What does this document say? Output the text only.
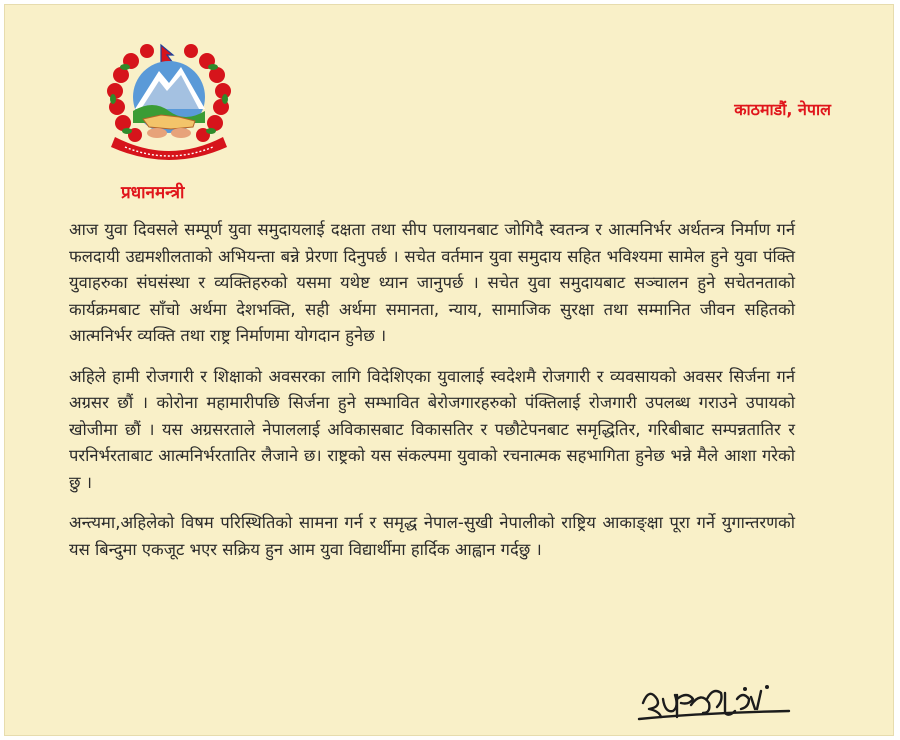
प्रधानमन्त्री
काठमाडौं, नेपाल

आज युवा दिवसले सम्पूर्ण युवा समुदायलाई दक्षता तथा सीप पलायनबाट जोगिदै स्वतन्त्र र आत्मनिर्भर अर्थतन्त्र निर्माण गर्न फलदायी उद्यमशीलताको अभियन्ता बन्ने प्रेरणा दिनुपर्छ । सचेत वर्तमान युवा समुदाय सहित भविश्यमा सामेल हुने युवा पंक्ति युवाहरुका संघसंस्था र व्यक्तिहरुको यसमा यथेष्ट ध्यान जानुपर्छ । सचेत युवा समुदायबाट सञ्चालन हुने सचेतनताको कार्यक्रमबाट साँचो अर्थमा देशभक्ति, सही अर्थमा समानता, न्याय, सामाजिक सुरक्षा तथा सम्मानित जीवन सहितको आत्मनिर्भर व्यक्ति तथा राष्ट्र निर्माणमा योगदान हुनेछ ।

अहिले हामी रोजगारी र शिक्षाको अवसरका लागि विदेशिएका युवालाई स्वदेशमै रोजगारी र व्यवसायको अवसर सिर्जना गर्न अग्रसर छौं । कोरोना महामारीपछि सिर्जना हुने सम्भावित बेरोजगारहरुको पंक्तिलाई रोजगारी उपलब्ध गराउने उपायको खोजीमा छौं । यस अग्रसरताले नेपाललाई अविकासबाट विकासतिर र पछौटेपनबाट समृद्धितिर, गरिबीबाट सम्पन्नतातिर र परनिर्भरताबाट आत्मनिर्भरतातिर लैजाने छ। राष्ट्रको यस संकल्पमा युवाको रचनात्मक सहभागिता हुनेछ भन्ने मैले आशा गरेको छु ।

अन्त्यमा,अहिलेको विषम परिस्थितिको सामना गर्न र समृद्ध नेपाल-सुखी नेपालीको राष्ट्रिय आकाङ्क्षा पूरा गर्ने युगान्तरणको यस बिन्दुमा एकजूट भएर सक्रिय हुन आम युवा विद्यार्थीमा हार्दिक आह्वान गर्दछु ।
